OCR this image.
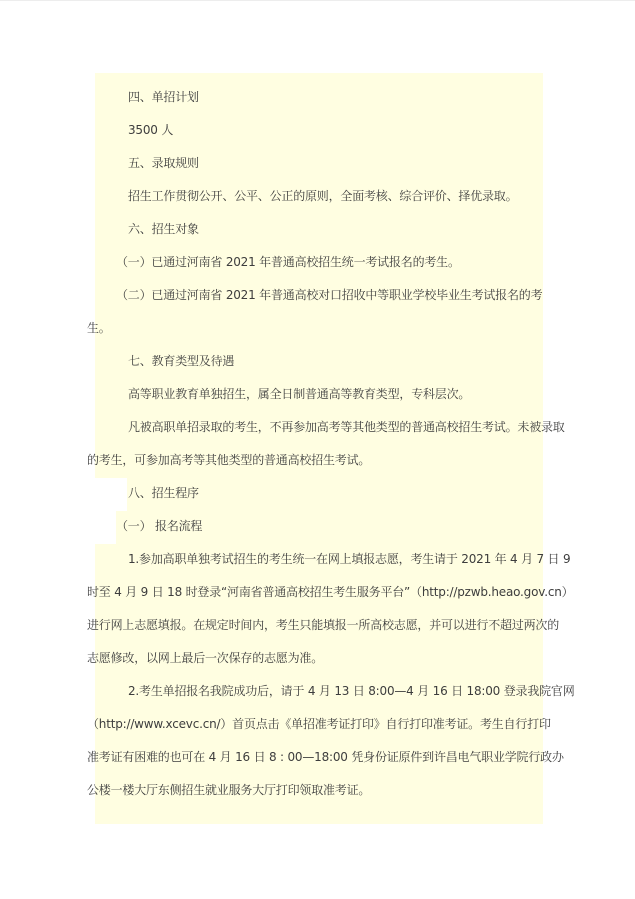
四、单招计划
3500 人
五、录取规则
招生工作贯彻公开、公平、公正的原则，全面考核、综合评价、择优录取。
六、招生对象
（一）已通过河南省 2021 年普通高校招生统一考试报名的考生。
（二）已通过河南省 2021 年普通高校对口招收中等职业学校毕业生考试报名的考
生。
七、教育类型及待遇
高等职业教育单独招生，属全日制普通高等教育类型，专科层次。
凡被高职单招录取的考生，不再参加高考等其他类型的普通高校招生考试。未被录取
的考生，可参加高考等其他类型的普通高校招生考试。
八、招生程序
（一） 报名流程
1.参加高职单独考试招生的考生统一在网上填报志愿，考生请于 2021 年 4 月 7 日 9
时至 4 月 9 日 18 时登录“河南省普通高校招生考生服务平台”（http://pzwb.heao.gov.cn）
进行网上志愿填报。在规定时间内，考生只能填报一所高校志愿，并可以进行不超过两次的
志愿修改，以网上最后一次保存的志愿为准。
2.考生单招报名我院成功后，请于 4 月 13 日 8:00—4 月 16 日 18:00 登录我院官网
（http://www.xcevc.cn/）首页点击《单招准考证打印》自行打印准考证。考生自行打印
准考证有困难的也可在 4 月 16 日 8 : 00—18:00 凭身份证原件到许昌电气职业学院行政办
公楼一楼大厅东侧招生就业服务大厅打印领取准考证。
